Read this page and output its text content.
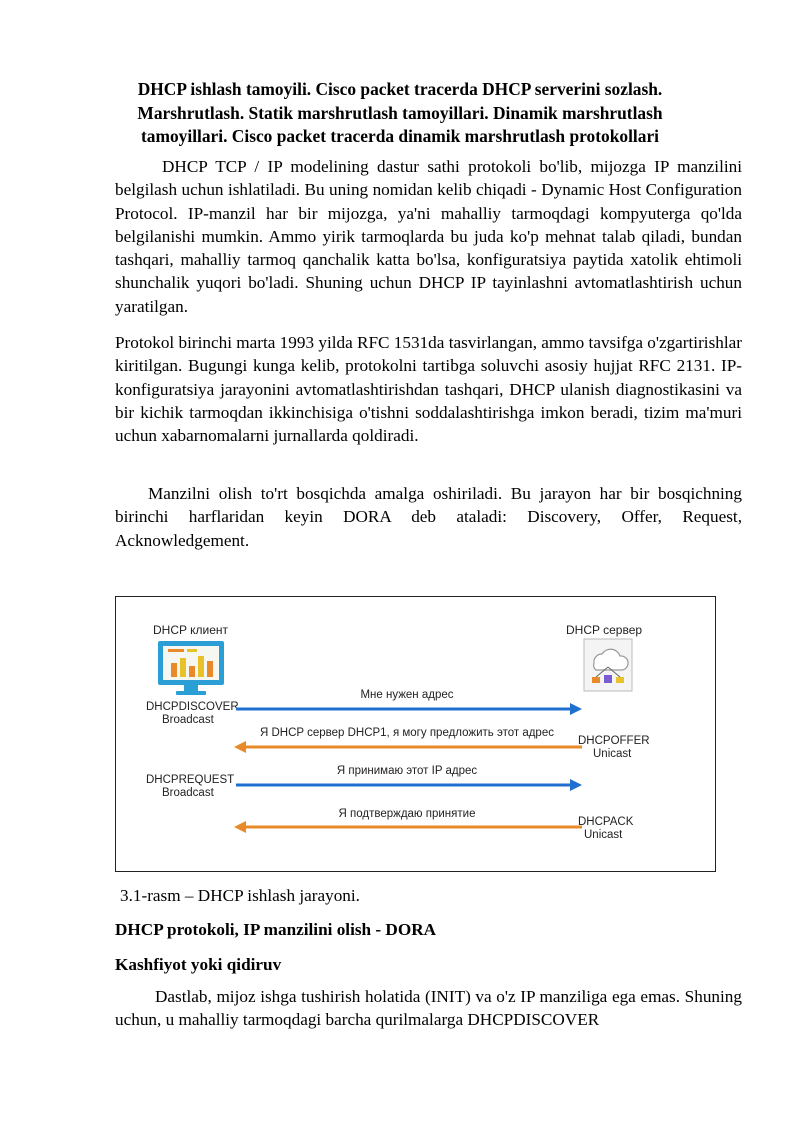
DHCP ishlash tamoyili. Cisco packet tracerda DHCP serverini sozlash. Marshrutlash. Statik marshrutlash tamoyillari. Dinamik marshrutlash tamoyillari. Cisco packet tracerda dinamik marshrutlash protokollari
DHCP TCP / IP modelining dastur sathi protokoli bo'lib, mijozga IP manzilini belgilash uchun ishlatiladi. Bu uning nomidan kelib chiqadi - Dynamic Host Configuration Protocol. IP-manzil har bir mijozga, ya'ni mahalliy tarmoqdagi kompyuterga qo'lda belgilanishi mumkin. Ammo yirik tarmoqlarda bu juda ko'p mehnat talab qiladi, bundan tashqari, mahalliy tarmoq qanchalik katta bo'lsa, konfiguratsiya paytida xatolik ehtimoli shunchalik yuqori bo'ladi. Shuning uchun DHCP IP tayinlashni avtomatlashtirish uchun yaratilgan.
Protokol birinchi marta 1993 yilda RFC 1531da tasvirlangan, ammo tavsifga o'zgartirishlar kiritilgan. Bugungi kunga kelib, protokolni tartibga soluvchi asosiy hujjat RFC 2131. IP-konfiguratsiya jarayonini avtomatlashtirishdan tashqari, DHCP ulanish diagnostikasini va bir kichik tarmoqdan ikkinchisiga o'tishni soddalashtirishga imkon beradi, tizim ma'muri uchun xabarnomalarni jurnallarda qoldiradi.
Manzilni olish to'rt bosqichda amalga oshiriladi. Bu jarayon har bir bosqichning birinchi harflaridan keyin DORA deb ataladi: Discovery, Offer, Request, Acknowledgement.
DHCP клиент	DHCP сервер
DHCPDISCOVER
Broadcast
Мне нужен адрес
Я DHCP сервер DHCP1, я могу предложить этот адрес
DHCPOFFER
Unicast
DHCPREQUEST
Broadcast
Я принимаю этот IP адрес
Я подтверждаю принятие
DHCPACK
Unicast
3.1-rasm – DHCP ishlash jarayoni.
DHCP protokoli, IP manzilini olish - DORA
Kashfiyot yoki qidiruv
Dastlab, mijoz ishga tushirish holatida (INIT) va o'z IP manziliga ega emas. Shuning uchun, u mahalliy tarmoqdagi barcha qurilmalarga DHCPDISCOVER
